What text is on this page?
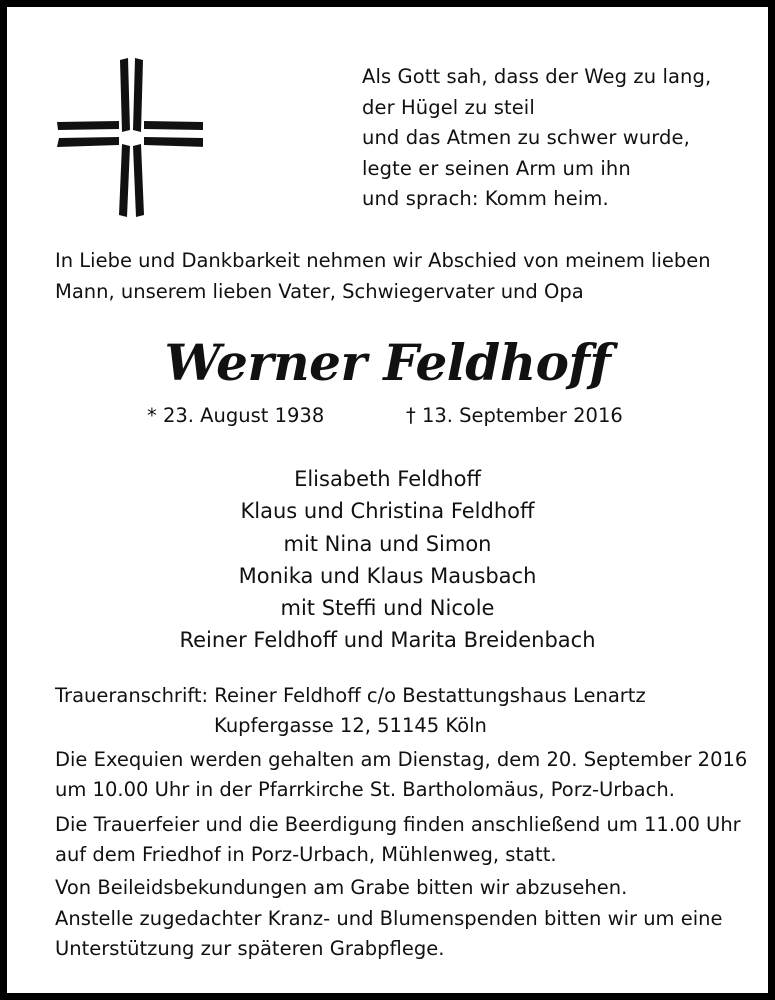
Als Gott sah, dass der Weg zu lang,
der Hügel zu steil
und das Atmen zu schwer wurde,
legte er seinen Arm um ihn
und sprach: Komm heim.
In Liebe und Dankbarkeit nehmen wir Abschied von meinem lieben
Mann, unserem lieben Vater, Schwiegervater und Opa
Werner Feldhoff
* 23. August 1938	† 13. September 2016
Elisabeth Feldhoff
Klaus und Christina Feldhoff
mit Nina und Simon
Monika und Klaus Mausbach
mit Steffi und Nicole
Reiner Feldhoff und Marita Breidenbach
Traueranschrift: Reiner Feldhoff c/o Bestattungshaus Lenartz
Kupfergasse 12, 51145 Köln
Die Exequien werden gehalten am Dienstag, dem 20. September 2016
um 10.00 Uhr in der Pfarrkirche St. Bartholomäus, Porz-Urbach.
Die Trauerfeier und die Beerdigung finden anschließend um 11.00 Uhr
auf dem Friedhof in Porz-Urbach, Mühlenweg, statt.
Von Beileidsbekundungen am Grabe bitten wir abzusehen.
Anstelle zugedachter Kranz- und Blumenspenden bitten wir um eine
Unterstützung zur späteren Grabpflege.
